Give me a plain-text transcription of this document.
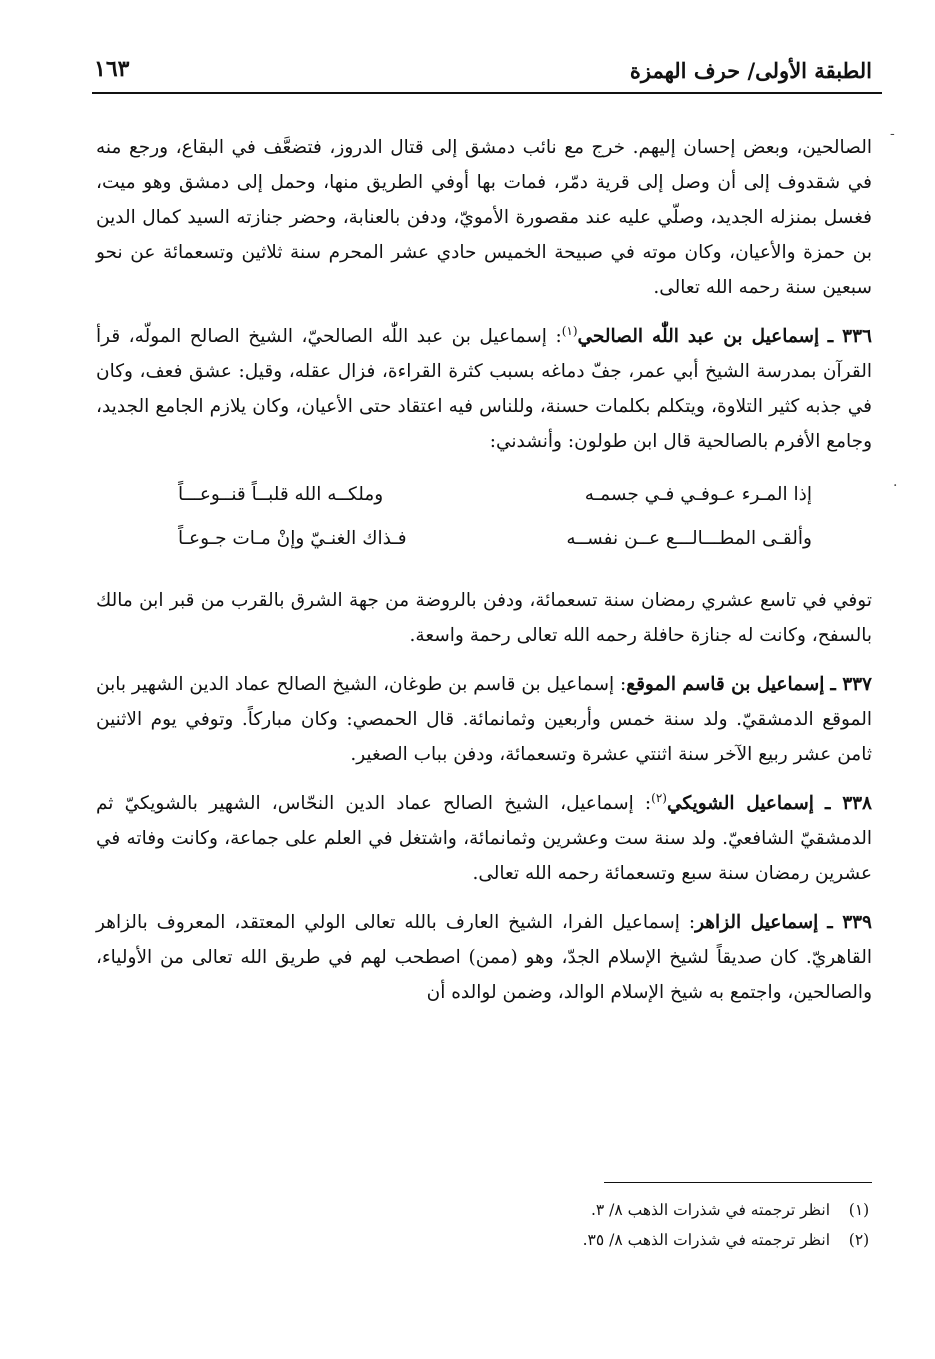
الطبقة الأولى/ حرف الهمزة
١٦٣

الصالحين، وبعض إحسان إليهم. خرج مع نائب دمشق إلى قتال الدروز، فتضعَّف في البقاع، ورجع منه في شقدوف إلى أن وصل إلى قرية دمّر، فمات بها أوفي الطريق منها، وحمل إلى دمشق وهو ميت، فغسل بمنزله الجديد، وصلّي عليه عند مقصورة الأمويّ، ودفن بالعنابة، وحضر جنازته السيد كمال الدين بن حمزة والأعيان، وكان موته في صبيحة الخميس حادي عشر المحرم سنة ثلاثين وتسعمائة عن نحو سبعين سنة رحمه الله تعالى.

٣٣٦ ـ إسماعيل بن عبد اللّٰه الصالحي$^{(١)}$: إسماعيل بن عبد اللّٰه الصالحيّ، الشيخ الصالح المولّه، قرأ القرآن بمدرسة الشيخ أبي عمر، جفّ دماغه بسبب كثرة القراءة، فزال عقله، وقيل: عشق فعف، وكان في جذبه كثير التلاوة، ويتكلم بكلمات حسنة، وللناس فيه اعتقاد حتى الأعيان، وكان يلازم الجامع الجديد، وجامع الأفرم بالصالحية قال ابن طولون: وأنشدني:

إذا المـرء عـوفـي فـي جسمـه
وملكــه الله قلبــاً قنــوعـــاً
وألقـى المطـــالـــع عــن نفســه
فـذاك الغنـيّ وإنْ مـات جـوعـاً

توفي في تاسع عشري رمضان سنة تسعمائة، ودفن بالروضة من جهة الشرق بالقرب من قبر ابن مالك بالسفح، وكانت له جنازة حافلة رحمه الله تعالى رحمة واسعة.

٣٣٧ ـ إسماعيل بن قاسم الموقع: إسماعيل بن قاسم بن طوغان، الشيخ الصالح عماد الدين الشهير بابن الموقع الدمشقيّ. ولد سنة خمس وأربعين وثمانمائة. قال الحمصي: وكان مباركاً. وتوفي يوم الاثنين ثامن عشر ربيع الآخر سنة اثنتي عشرة وتسعمائة، ودفن بباب الصغير.

٣٣٨ ـ إسماعيل الشويكي$^{(٢)}$: إسماعيل، الشيخ الصالح عماد الدين النحّاس، الشهير بالشويكيّ ثم الدمشقيّ الشافعيّ. ولد سنة ست وعشرين وثمانمائة، واشتغل في العلم على جماعة، وكانت وفاته في عشرين رمضان سنة سبع وتسعمائة رحمه الله تعالى.

٣٣٩ ـ إسماعيل الزاهر: إسماعيل الفرا، الشيخ العارف بالله تعالى الولي المعتقد، المعروف بالزاهر القاهريّ. كان صديقاً لشيخ الإسلام الجدّ، وهو (ممن) اصطحب لهم في طريق الله تعالى من الأولياء، والصالحين، واجتمع به شيخ الإسلام الوالد، وضمن لوالده أن

(١)
انظر ترجمته في شذرات الذهب ٨/ ٣.
(٢)
انظر ترجمته في شذرات الذهب ٨/ ٣٥.
-
·
